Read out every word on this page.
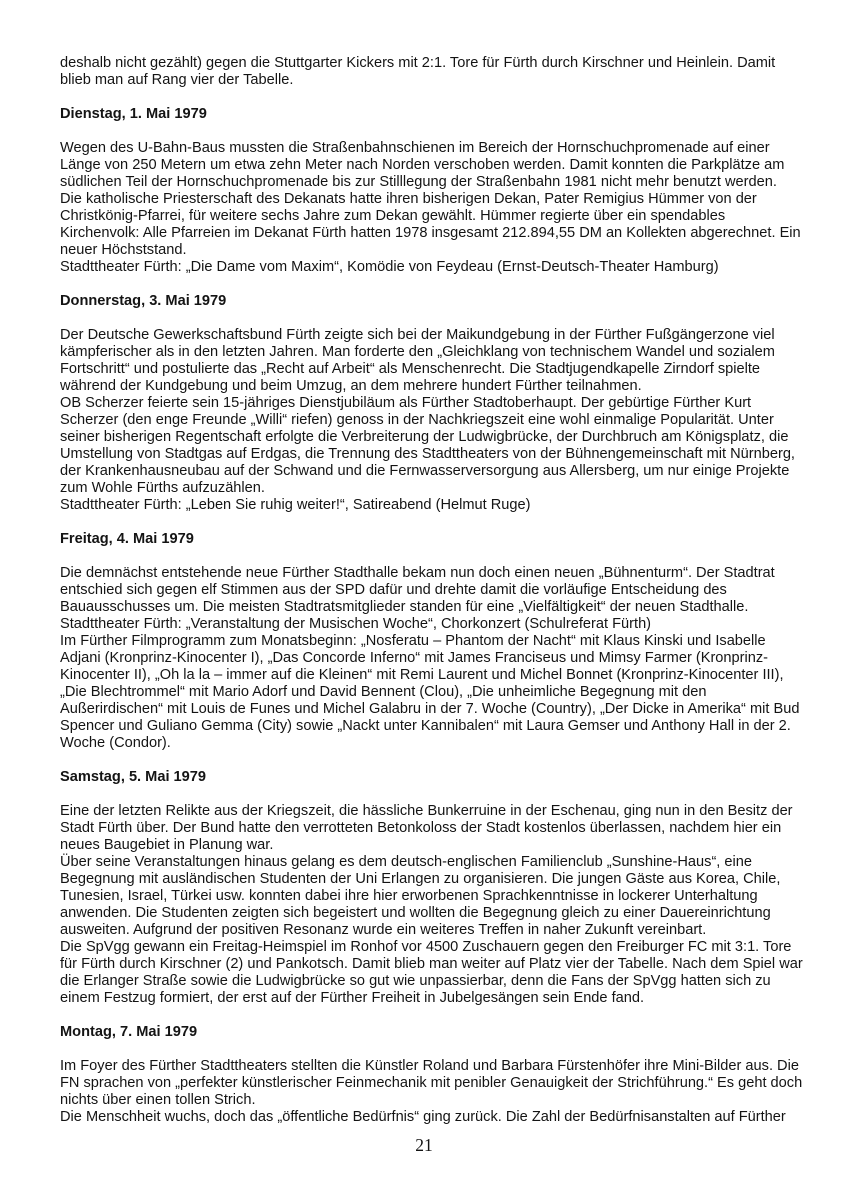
deshalb nicht gezählt) gegen die Stuttgarter Kickers mit 2:1. Tore für Fürth durch Kirschner und Heinlein. Damit
blieb man auf Rang vier der Tabelle.
Dienstag, 1. Mai 1979
Wegen des U-Bahn-Baus mussten die Straßenbahnschienen im Bereich der Hornschuchpromenade auf einer
Länge von 250 Metern um etwa zehn Meter nach Norden verschoben werden. Damit konnten die Parkplätze am
südlichen Teil der Hornschuchpromenade bis zur Stilllegung der Straßenbahn 1981 nicht mehr benutzt werden.
Die katholische Priesterschaft des Dekanats hatte ihren bisherigen Dekan, Pater Remigius Hümmer von der
Christkönig-Pfarrei, für weitere sechs Jahre zum Dekan gewählt. Hümmer regierte über ein spendables
Kirchenvolk: Alle Pfarreien im Dekanat Fürth hatten 1978 insgesamt 212.894,55 DM an Kollekten abgerechnet. Ein
neuer Höchststand.
Stadttheater Fürth: „Die Dame vom Maxim“, Komödie von Feydeau (Ernst-Deutsch-Theater Hamburg)
Donnerstag, 3. Mai 1979
Der Deutsche Gewerkschaftsbund Fürth zeigte sich bei der Maikundgebung in der Fürther Fußgängerzone viel
kämpferischer als in den letzten Jahren. Man forderte den „Gleichklang von technischem Wandel und sozialem
Fortschritt“ und postulierte das „Recht auf Arbeit“ als Menschenrecht. Die Stadtjugendkapelle Zirndorf spielte
während der Kundgebung und beim Umzug, an dem mehrere hundert Fürther teilnahmen.
OB Scherzer feierte sein 15-jähriges Dienstjubiläum als Fürther Stadtoberhaupt. Der gebürtige Fürther Kurt
Scherzer (den enge Freunde „Willi“ riefen) genoss in der Nachkriegszeit eine wohl einmalige Popularität. Unter
seiner bisherigen Regentschaft erfolgte die Verbreiterung der Ludwigbrücke, der Durchbruch am Königsplatz, die
Umstellung von Stadtgas auf Erdgas, die Trennung des Stadttheaters von der Bühnengemeinschaft mit Nürnberg,
der Krankenhausneubau auf der Schwand und die Fernwasserversorgung aus Allersberg, um nur einige Projekte
zum Wohle Fürths aufzuzählen.
Stadttheater Fürth: „Leben Sie ruhig weiter!“, Satireabend (Helmut Ruge)
Freitag, 4. Mai 1979
Die demnächst entstehende neue Fürther Stadthalle bekam nun doch einen neuen „Bühnenturm“. Der Stadtrat
entschied sich gegen elf Stimmen aus der SPD dafür und drehte damit die vorläufige Entscheidung des
Bauausschusses um. Die meisten Stadtratsmitglieder standen für eine „Vielfältigkeit“ der neuen Stadthalle.
Stadttheater Fürth: „Veranstaltung der Musischen Woche“, Chorkonzert (Schulreferat Fürth)
Im Fürther Filmprogramm zum Monatsbeginn: „Nosferatu – Phantom der Nacht“ mit Klaus Kinski und Isabelle
Adjani (Kronprinz-Kinocenter I), „Das Concorde Inferno“ mit James Franciseus und Mimsy Farmer (Kronprinz-
Kinocenter II), „Oh la la – immer auf die Kleinen“ mit Remi Laurent und Michel Bonnet (Kronprinz-Kinocenter III),
„Die Blechtrommel“ mit Mario Adorf und David Bennent (Clou), „Die unheimliche Begegnung mit den
Außerirdischen“ mit Louis de Funes und Michel Galabru in der 7. Woche (Country), „Der Dicke in Amerika“ mit Bud
Spencer und Guliano Gemma (City) sowie „Nackt unter Kannibalen“ mit Laura Gemser und Anthony Hall in der 2.
Woche (Condor).
Samstag, 5. Mai 1979
Eine der letzten Relikte aus der Kriegszeit, die hässliche Bunkerruine in der Eschenau, ging nun in den Besitz der
Stadt Fürth über. Der Bund hatte den verrotteten Betonkoloss der Stadt kostenlos überlassen, nachdem hier ein
neues Baugebiet in Planung war.
Über seine Veranstaltungen hinaus gelang es dem deutsch-englischen Familienclub „Sunshine-Haus“, eine
Begegnung mit ausländischen Studenten der Uni Erlangen zu organisieren. Die jungen Gäste aus Korea, Chile,
Tunesien, Israel, Türkei usw. konnten dabei ihre hier erworbenen Sprachkenntnisse in lockerer Unterhaltung
anwenden. Die Studenten zeigten sich begeistert und wollten die Begegnung gleich zu einer Dauereinrichtung
ausweiten. Aufgrund der positiven Resonanz wurde ein weiteres Treffen in naher Zukunft vereinbart.
Die SpVgg gewann ein Freitag-Heimspiel im Ronhof vor 4500 Zuschauern gegen den Freiburger FC mit 3:1. Tore
für Fürth durch Kirschner (2) und Pankotsch. Damit blieb man weiter auf Platz vier der Tabelle. Nach dem Spiel war
die Erlanger Straße sowie die Ludwigbrücke so gut wie unpassierbar, denn die Fans der SpVgg hatten sich zu
einem Festzug formiert, der erst auf der Fürther Freiheit in Jubelgesängen sein Ende fand.
Montag, 7. Mai 1979
Im Foyer des Fürther Stadttheaters stellten die Künstler Roland und Barbara Fürstenhöfer ihre Mini-Bilder aus. Die
FN sprachen von „perfekter künstlerischer Feinmechanik mit penibler Genauigkeit der Strichführung.“ Es geht doch
nichts über einen tollen Strich.
Die Menschheit wuchs, doch das „öffentliche Bedürfnis“ ging zurück. Die Zahl der Bedürfnisanstalten auf Fürther
21
